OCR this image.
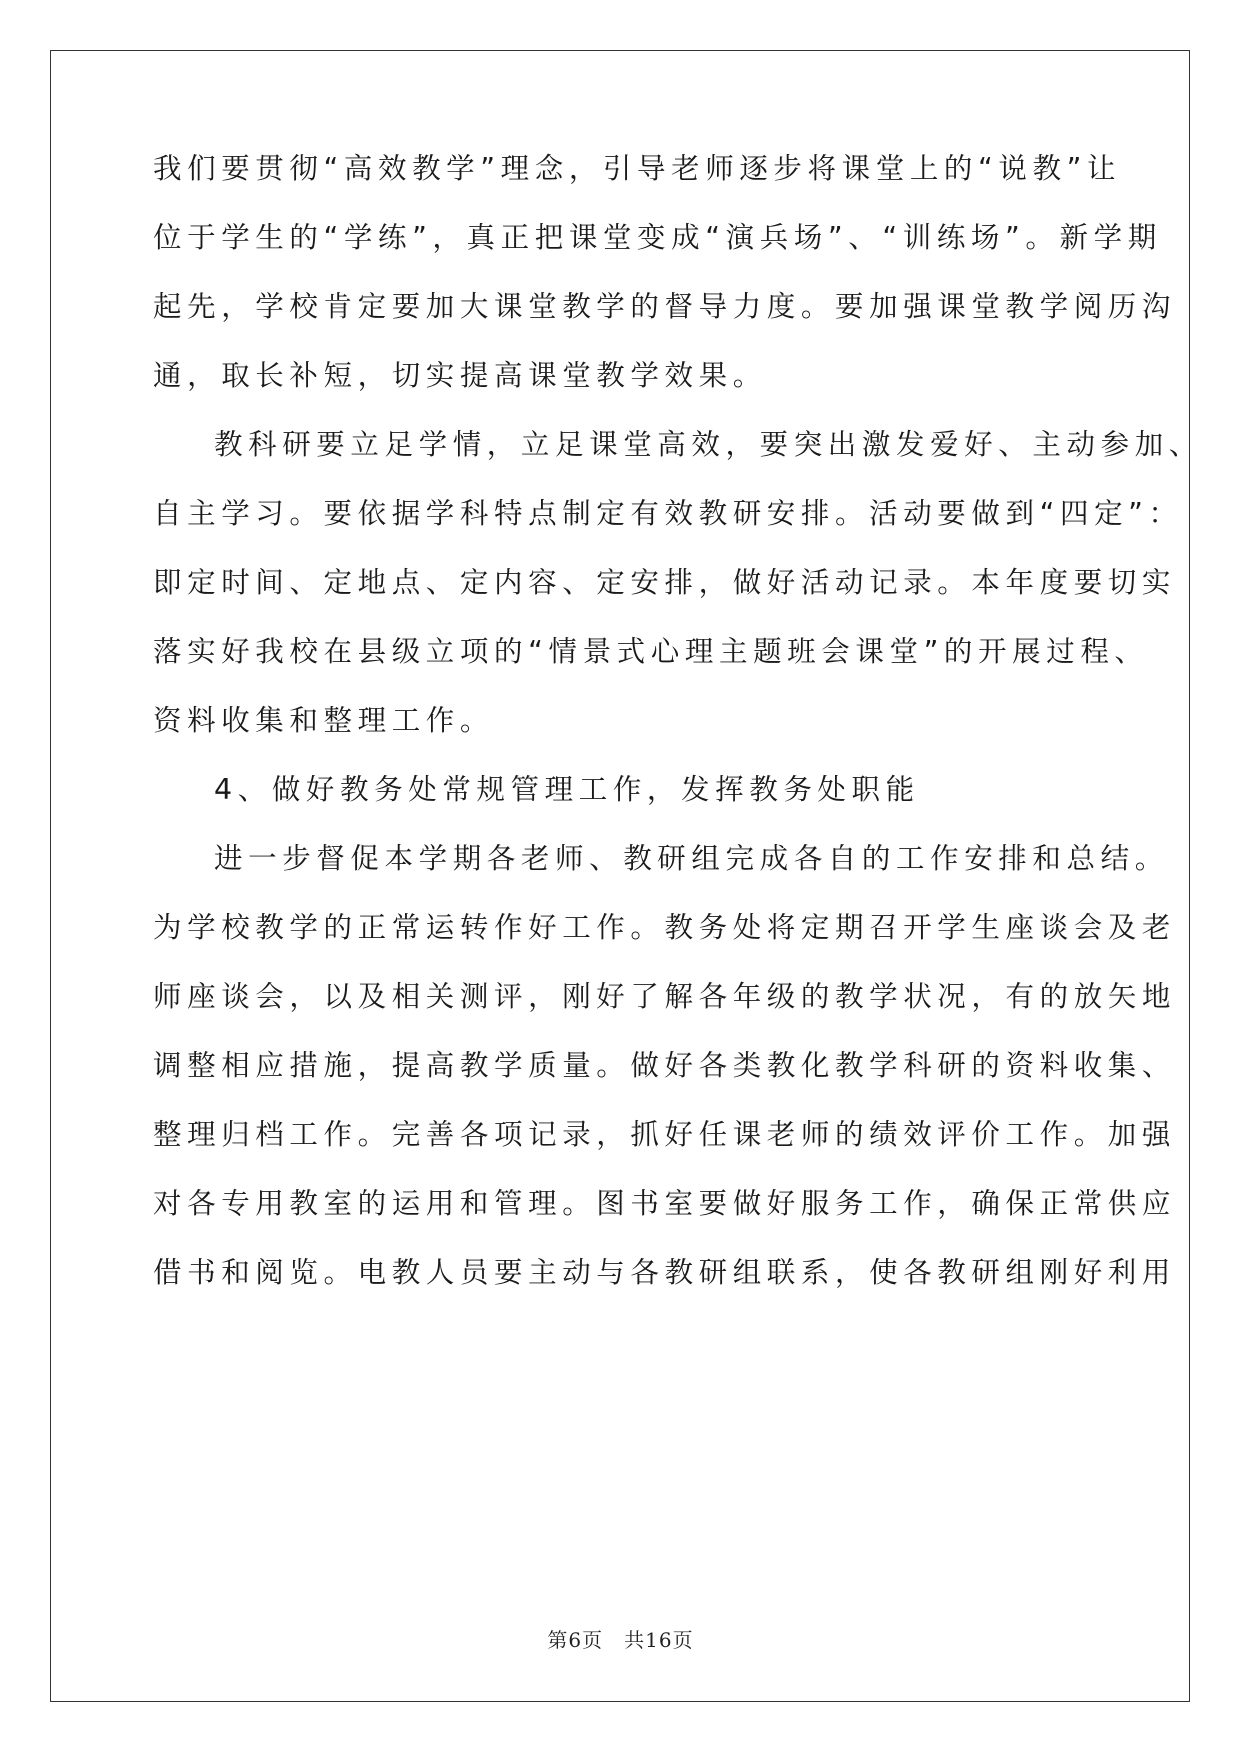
我们要贯彻“高效教学”理念，引导老师逐步将课堂上的“说教”让
位于学生的“学练”，真正把课堂变成“演兵场”、“训练场”。新学期
起先，学校肯定要加大课堂教学的督导力度。要加强课堂教学阅历沟
通，取长补短，切实提高课堂教学效果。
教科研要立足学情，立足课堂高效，要突出激发爱好、主动参加、
自主学习。要依据学科特点制定有效教研安排。活动要做到“四定”：
即定时间、定地点、定内容、定安排，做好活动记录。本年度要切实
落实好我校在县级立项的“情景式心理主题班会课堂”的开展过程、
资料收集和整理工作。
4、做好教务处常规管理工作，发挥教务处职能
进一步督促本学期各老师、教研组完成各自的工作安排和总结。
为学校教学的正常运转作好工作。教务处将定期召开学生座谈会及老
师座谈会，以及相关测评，刚好了解各年级的教学状况，有的放矢地
调整相应措施，提高教学质量。做好各类教化教学科研的资料收集、
整理归档工作。完善各项记录，抓好任课老师的绩效评价工作。加强
对各专用教室的运用和管理。图书室要做好服务工作，确保正常供应
借书和阅览。电教人员要主动与各教研组联系，使各教研组刚好利用
第6页　共16页
